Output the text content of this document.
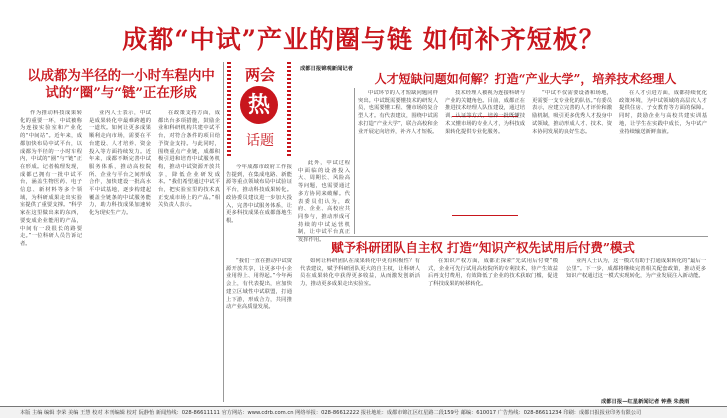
成都“中试”产业的圈与链 如何补齐短板？
以成都为半径的一小时车程内中试的“圈”与“链”正在形成
人才短缺问题如何解？打造“产业大学”，培养技术经理人
两会
热
话题
成都日报锦观新闻记者

作为推动科技成果转化的重要一环，中试被称为连接实验室和产业化的“中间站”。近年来，成都加快布局中试平台，以成都为半径的一小时车程内，中试的“圈”与“链”正在形成。记者梳理发现，成都已拥有一批中试平台，涵盖生物医药、电子信息、新材料等多个领域，为科研成果走出实验室提供了重要支撑。“科学家在这里做出来的东西，要变成企业能用的产品，中间有一段很长的路要走。”一位科研人员告诉记者。

业内人士表示，中试是成果转化中最难跨越的一道坎。如何让更多成果顺利走向市场，需要在平台建设、人才培养、资金投入等方面持续发力。近年来，成都不断完善中试服务体系，推动高校院所、企业与平台之间形成合作，加快建设一批高水平中试基地，逐步构建起覆盖全链条的中试服务能力，助力科技成果加速转化为现实生产力。

在政策支持方面，成都出台多项措施，鼓励企业和科研机构共建中试平台，对符合条件的项目给予资金支持。与此同时，围绕重点产业链，成都积极引进和培育中试服务机构，推动中试资源开放共享，降低企业研发成本。“我们希望通过中试平台，把实验室里的技术真正变成市场上的产品。”相关负责人表示。

今年成都市政府工作报告提到，在集成电路、新能源等重点领域布局中试验证平台，推动科技成果转化。政协委员建议进一步加大投入，完善中试服务体系，让更多科技成果在成都落地生根。

“我们一直在推动中试资源开放共享，让更多中小企业用得上、用得起。”今年两会上，有代表提出，应加快建立区域性中试联盟，打通上下游，形成合力，共同推动产业高质量发展。

此外，中试过程中面临的设备投入大、周期长、风险高等问题，也需要通过多方协同来破解。代表委员们认为，政府、企业、高校应共同参与，推动形成可持续的中试运营机制，让中试平台真正发挥作用。

中试环节的人才短缺问题同样突出。中试既需要懂技术的研发人员，也需要懂工程、懂市场的复合型人才。有代表建议，围绕中试需求打造“产业大学”，联合高校和企业开展定向培养，补齐人才短板。

技术经理人被视为连接科研与产业的关键角色。目前，成都正在推进技术经理人队伍建设，通过培训、认证等方式，培养一批既懂技术又懂市场的专业人才，为科技成果转化提供专业化服务。

“中试不仅需要设备和场地，更需要一支专业化的队伍。”有委员表示，应建立完善的人才评价和激励机制，吸引更多优秀人才投身中试领域，推动形成人才、技术、资本协同发展的良好生态。

在人才引进方面，成都持续优化政策环境，为中试领域的高层次人才提供住房、子女教育等方面的保障。同时，鼓励企业与高校共建实训基地，让学生在实践中成长，为中试产业持续输送新鲜血液。

赋予科研团队自主权 打造“知识产权先试用后付费”模式

如何让科研团队在成果转化中更有积极性？有代表建议，赋予科研团队更大的自主权，让科研人员在成果转化中获得更多收益，从而激发创新活力，推动更多成果走出实验室。

在知识产权方面，成都正探索“先试用后付费”模式，企业可先行试用高校院所的专利技术，待产生效益后再支付费用，有效降低了企业的技术获取门槛，促进了科技成果的转移转化。

业内人士认为，这一模式有助于打通成果转化的“最后一公里”。下一步，成都将继续完善相关配套政策，推动更多知识产权通过这一模式实现转化，为产业发展注入新动能。

成都日报—红星新闻记者 钟燕 朱晨雨
本版 主编 编辑 李荣 美编 王慧 校对 本刊编辑 校对 阮静怡 新闻热线：028-86611111 官方网站：www.cdrb.com.cn 网络举报：028-86612222 报社地址：成都市锦江区红星路二段159号 邮编：610017 广告热线：028-86611234 印刷：成都日报报业印务有限公司
